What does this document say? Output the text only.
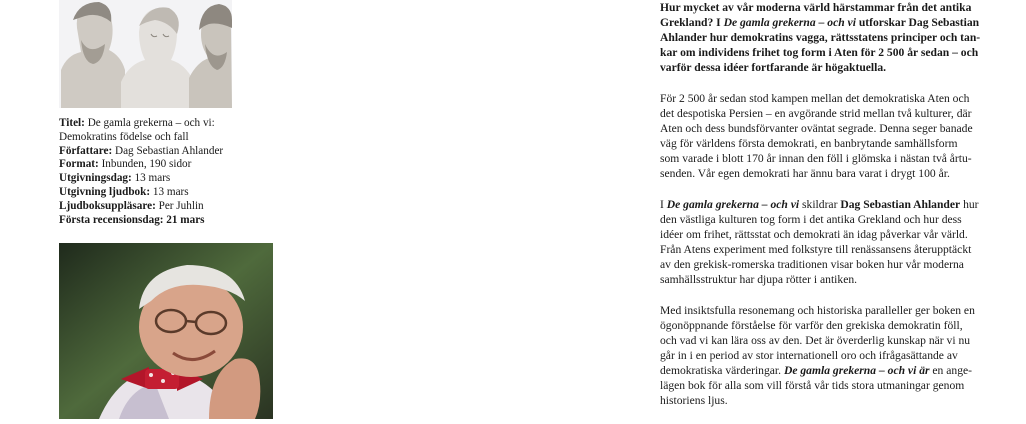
Titel: De gamla grekerna – och vi:
Demokratins födelse och fall
Författare: Dag Sebastian Ahlander
Format: Inbunden, 190 sidor
Utgivningsdag: 13 mars
Utgivning ljudbok: 13 mars
Ljudboksuppläsare: Per Juhlin
Första recensionsdag: 21 mars
Hur mycket av vår moderna värld härstammar från det antika
Grekland? I De gamla grekerna – och vi utforskar Dag Sebastian
Ahlander hur demokratins vagga, rättsstatens principer och tan-
kar om individens frihet tog form i Aten för 2 500 år sedan – och
varför dessa idéer fortfarande är högaktuella.
För 2 500 år sedan stod kampen mellan det demokratiska Aten och
det despotiska Persien – en avgörande strid mellan två kulturer, där
Aten och dess bundsförvanter oväntat segrade. Denna seger banade
väg för världens första demokrati, en banbrytande samhällsform
som varade i blott 170 år innan den föll i glömska i nästan två årtu-
senden. Vår egen demokrati har ännu bara varat i drygt 100 år.
I De gamla grekerna – och vi skildrar Dag Sebastian Ahlander hur
den västliga kulturen tog form i det antika Grekland och hur dess
idéer om frihet, rättsstat och demokrati än idag påverkar vår värld.
Från Atens experiment med folkstyre till renässansens återupptäckt
av den grekisk-romerska traditionen visar boken hur vår moderna
samhällsstruktur har djupa rötter i antiken.
Med insiktsfulla resonemang och historiska paralleller ger boken en
ögonöppnande förståelse för varför den grekiska demokratin föll,
och vad vi kan lära oss av den. Det är överderlig kunskap när vi nu
går in i en period av stor internationell oro och ifrågasättande av
demokratiska värderingar. De gamla grekerna – och vi är en ange-
lägen bok för alla som vill förstå vår tids stora utmaningar genom
historiens ljus.
